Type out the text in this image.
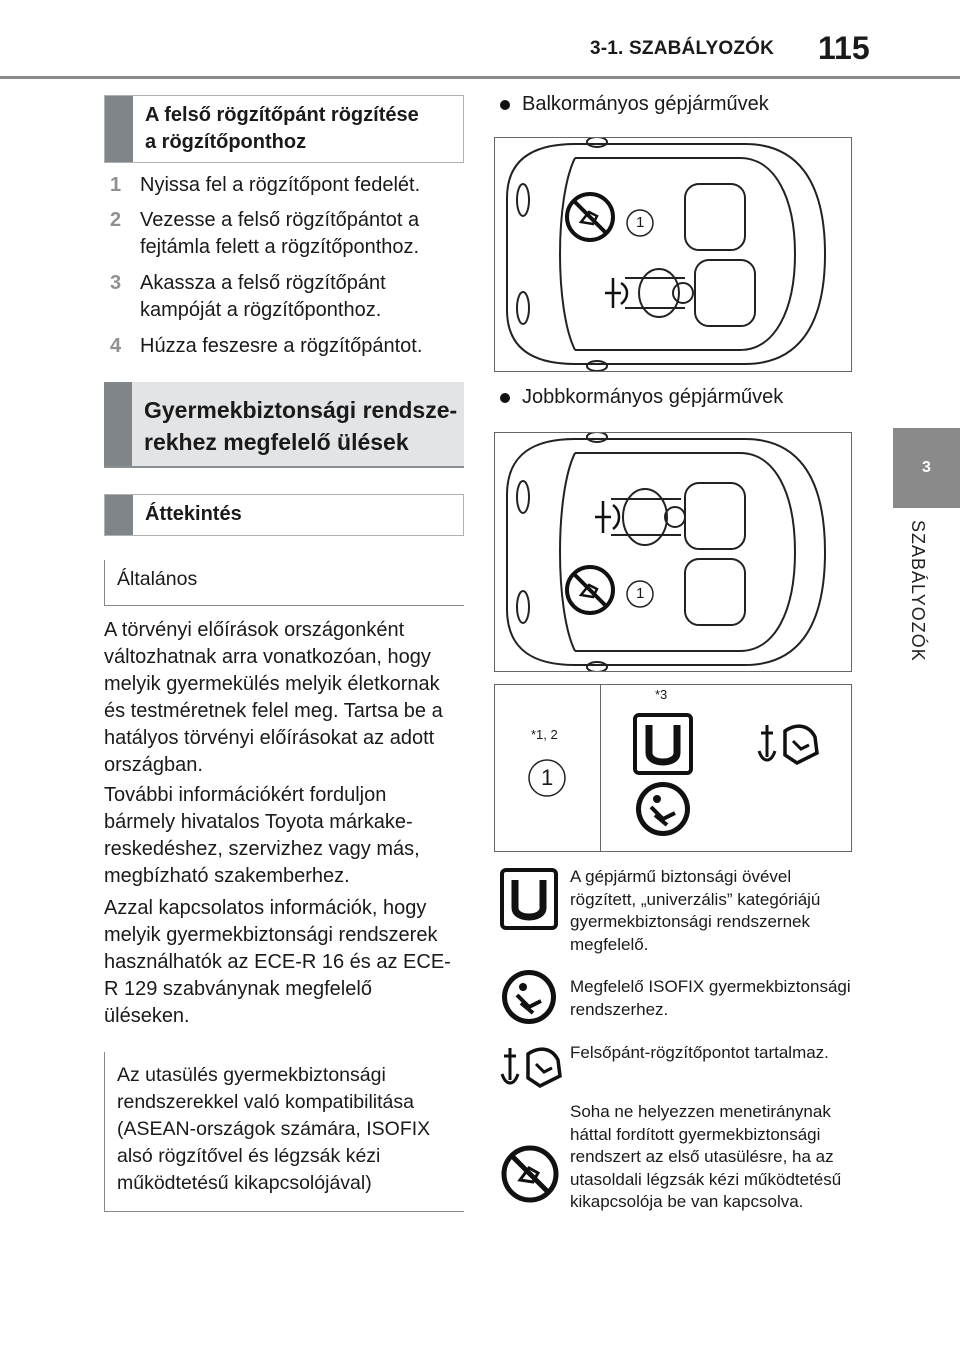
3-1. SZABÁLYOZÓK 115
3
SZABÁLYOZÓK
A felső rögzítőpánt rögzítése
a rögzítőponthoz
1 Nyissa fel a rögzítőpont fedelét.
2 Vezesse a felső rögzítőpántot a fejtámla felett a rögzítőponthoz.
3 Akassza a felső rögzítőpánt kampóját a rögzítőponthoz.
4 Húzza feszesre a rögzítőpántot.
Gyermekbiztonsági rendsze-
rekhez megfelelő ülések
Áttekintés
Általános
A törvényi előírások országonként változhatnak arra vonatkozóan, hogy melyik gyermekülés melyik életkornak és testméretnek felel meg. Tartsa be a hatályos törvényi előírásokat az adott országban.
További információkért forduljon bármely hivatalos Toyota márkakereskedéshez, szervizhez vagy más, megbízható szakemberhez.
Azzal kapcsolatos információk, hogy melyik gyermekbiztonsági rendszerek használhatók az ECE-R 16 és az ECE-R 129 szabványnak megfelelő üléseken.
Az utasülés gyermekbiztonsági rendszerekkel való kompatibilitása (ASEAN-országok számára, ISOFIX alsó rögzítővel és légzsák kézi működtetésű kikapcsolójával)
Balkormányos gépjárművek
1
Jobbkormányos gépjárművek
1
*1, 2
1
*3
A gépjármű biztonsági övével rögzített, „univerzális” kategóriájú gyermekbiztonsági rendszernek megfelelő.
Megfelelő ISOFIX gyermekbiztonsági rendszerhez.
Felsőpánt-rögzítőpontot tartalmaz.
Soha ne helyezzen menetiránynak háttal fordított gyermekbiztonsági rendszert az első utasülésre, ha az utasoldali légzsák kézi működtetésű kikapcsolója be van kapcsolva.
